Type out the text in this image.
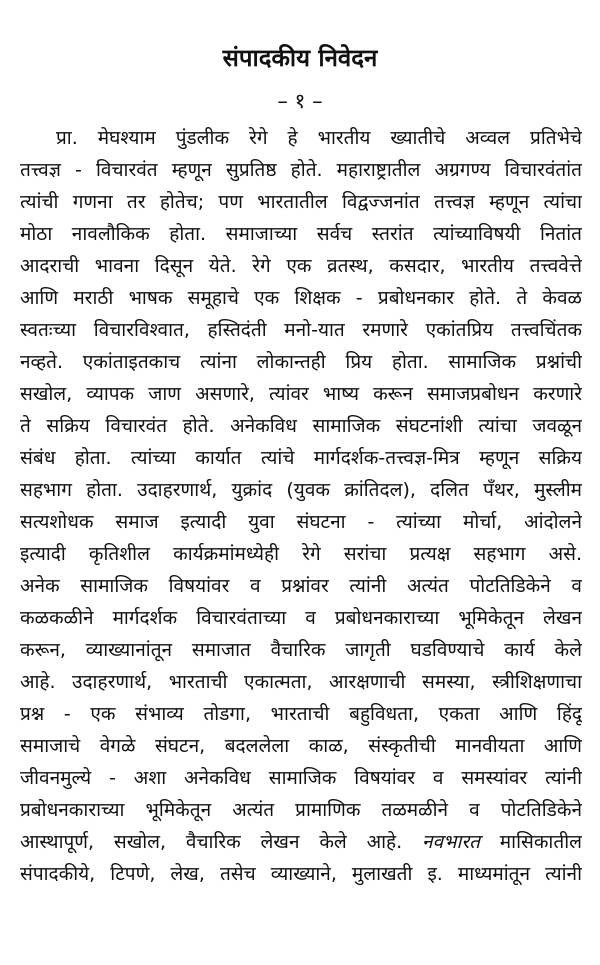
संपादकीय निवेदन
– १ –
प्रा. मेघश्याम पुंडलीक रेगे हे भारतीय ख्यातीचे अव्वल प्रतिभेचे
तत्त्वज्ञ - विचारवंत म्हणून सुप्रतिष्ठ होते. महाराष्ट्रातील अग्रगण्य विचारवंतांत
त्यांची गणना तर होतेच; पण भारतातील विद्वज्जनांत तत्त्वज्ञ म्हणून त्यांचा
मोठा नावलौकिक होता. समाजाच्या सर्वच स्तरांत त्यांच्याविषयी नितांत
आदराची भावना दिसून येते. रेगे एक व्रतस्थ, कसदार, भारतीय तत्त्ववेत्ते
आणि मराठी भाषक समूहाचे एक शिक्षक - प्रबोधनकार होते. ते केवळ
स्वतःच्या विचारविश्वात, हस्तिदंती मनो-यात रमणारे एकांतप्रिय तत्त्वचिंतक
नव्हते. एकांताइतकाच त्यांना लोकान्तही प्रिय होता. सामाजिक प्रश्नांची
सखोल, व्यापक जाण असणारे, त्यांवर भाष्य करून समाजप्रबोधन करणारे
ते सक्रिय विचारवंत होते. अनेकविध सामाजिक संघटनांशी त्यांचा जवळून
संबंध होता. त्यांच्या कार्यात त्यांचे मार्गदर्शक-तत्त्वज्ञ-मित्र म्हणून सक्रिय
सहभाग होता. उदाहरणार्थ, युक्रांद (युवक क्रांतिदल), दलित पँथर, मुस्लीम
सत्यशोधक समाज इत्यादी युवा संघटना - त्यांच्या मोर्चा, आंदोलने
इत्यादी कृतिशील कार्यक्रमांमध्येही रेगे सरांचा प्रत्यक्ष सहभाग असे.
अनेक सामाजिक विषयांवर व प्रश्नांवर त्यांनी अत्यंत पोटतिडिकेने व
कळकळीने मार्गदर्शक विचारवंताच्या व प्रबोधनकाराच्या भूमिकेतून लेखन
करून, व्याख्यानांतून समाजात वैचारिक जागृती घडविण्याचे कार्य केले
आहे. उदाहरणार्थ, भारताची एकात्मता, आरक्षणाची समस्या, स्त्रीशिक्षणाचा
प्रश्न - एक संभाव्य तोडगा, भारताची बहुविधता, एकता आणि हिंदू
समाजाचे वेगळे संघटन, बदललेला काळ, संस्कृतीची मानवीयता आणि
जीवनमुल्ये - अशा अनेकविध सामाजिक विषयांवर व समस्यांवर त्यांनी
प्रबोधनकाराच्या भूमिकेतून अत्यंत प्रामाणिक तळमळीने व पोटतिडिकेने
आस्थापूर्ण, सखोल, वैचारिक लेखन केले आहे. नवभारत मासिकातील
संपादकीये, टिपणे, लेख, तसेच व्याख्याने, मुलाखती इ. माध्यमांतून त्यांनी
